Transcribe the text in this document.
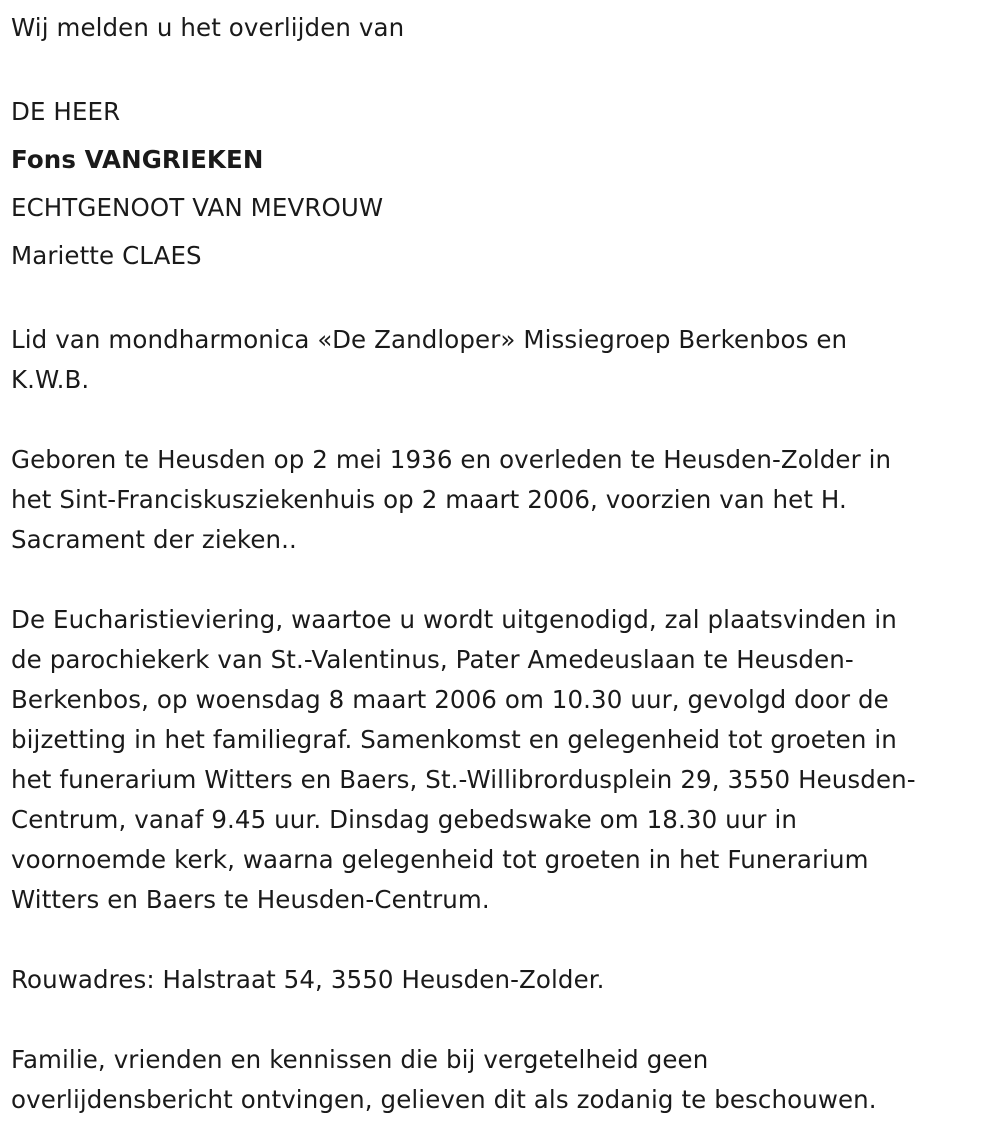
Wij melden u het overlijden van
DE HEER
Fons VANGRIEKEN
ECHTGENOOT VAN MEVROUW
Mariette CLAES
Lid van mondharmonica «De Zandloper» Missiegroep Berkenbos en
K.W.B.
Geboren te Heusden op 2 mei 1936 en overleden te Heusden-Zolder in
het Sint-Franciskusziekenhuis op 2 maart 2006, voorzien van het H.
Sacrament der zieken..
De Eucharistieviering, waartoe u wordt uitgenodigd, zal plaatsvinden in
de parochiekerk van St.-Valentinus, Pater Amedeuslaan te Heusden-
Berkenbos, op woensdag 8 maart 2006 om 10.30 uur, gevolgd door de
bijzetting in het familiegraf. Samenkomst en gelegenheid tot groeten in
het funerarium Witters en Baers, St.-Willibrordusplein 29, 3550 Heusden-
Centrum, vanaf 9.45 uur. Dinsdag gebedswake om 18.30 uur in
voornoemde kerk, waarna gelegenheid tot groeten in het Funerarium
Witters en Baers te Heusden-Centrum.
Rouwadres: Halstraat 54, 3550 Heusden-Zolder.
Familie, vrienden en kennissen die bij vergetelheid geen
overlijdensbericht ontvingen, gelieven dit als zodanig te beschouwen.
